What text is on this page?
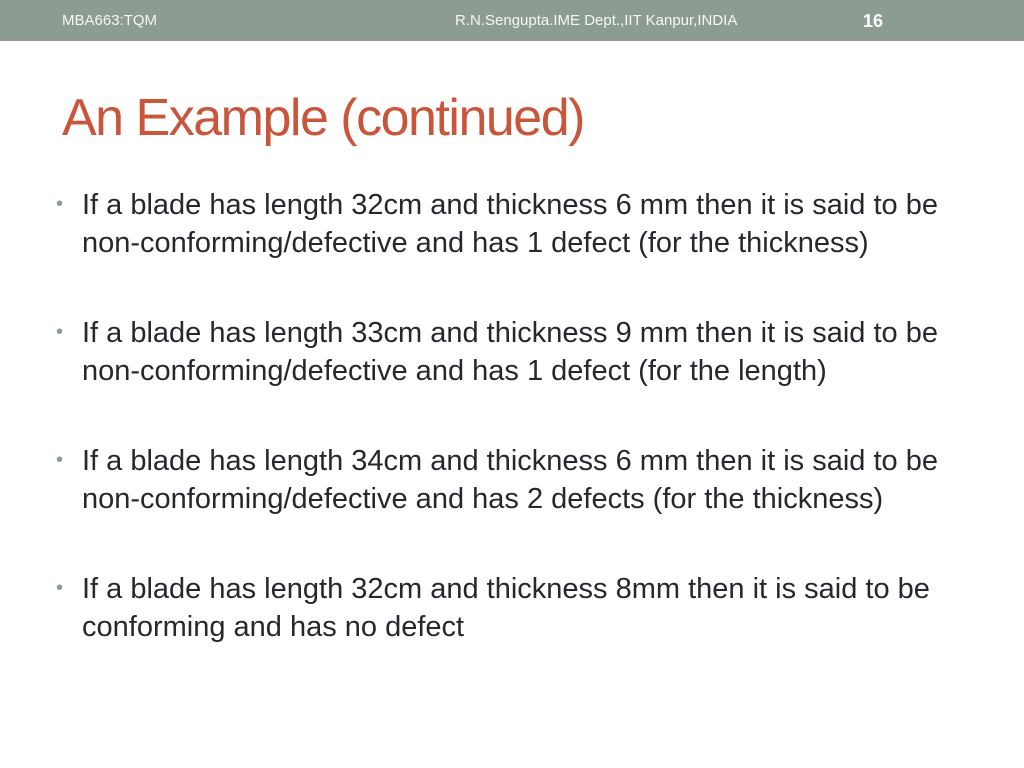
MBA663:TQM	R.N.Sengupta.IME Dept.,IIT Kanpur,INDIA	16
An Example (continued)
• If a blade has length 32cm and thickness 6 mm then it is said to be non-conforming/defective and has 1 defect (for the thickness)
• If a blade has length 33cm and thickness 9 mm then it is said to be non-conforming/defective and has 1 defect (for the length)
• If a blade has length 34cm and thickness 6 mm then it is said to be non-conforming/defective and has 2 defects (for the thickness)
• If a blade has length 32cm and thickness 8mm then it is said to be conforming and has no defect
